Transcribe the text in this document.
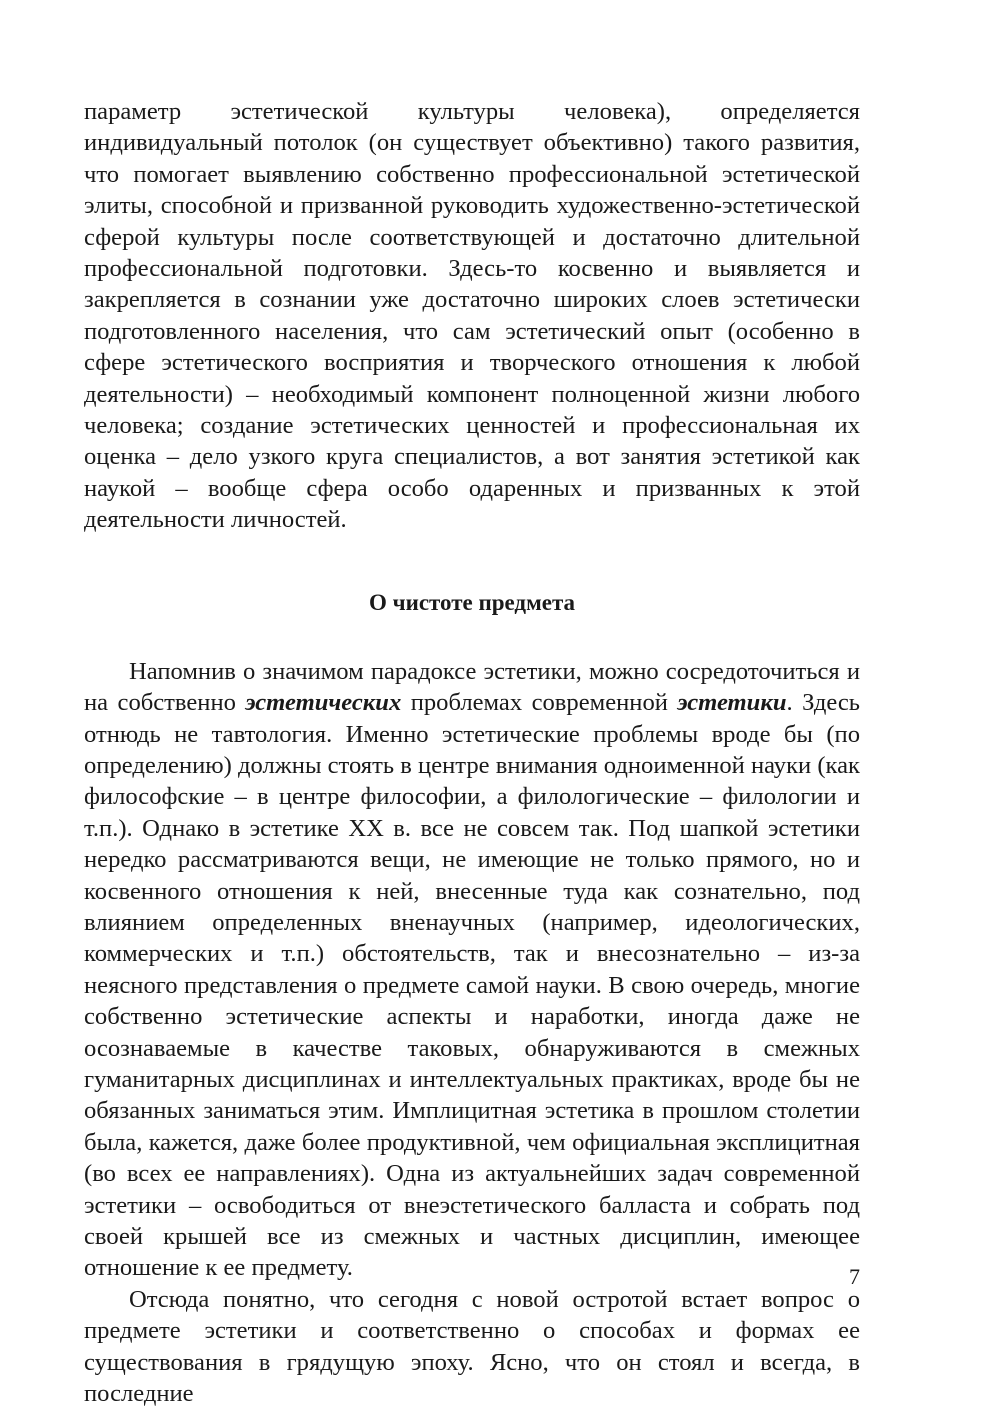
параметр эстетической культуры человека), определяется индивидуальный потолок (он существует объективно) такого развития, что помогает выявлению собственно профессиональной эстетической элиты, способной и призванной руководить художественно-эстетической сферой культуры после соответствующей и достаточно длительной профессиональной подготовки. Здесь-то косвенно и выявляется и закрепляется в сознании уже достаточно широких слоев эстетически подготовленного населения, что сам эстетический опыт (особенно в сфере эстетического восприятия и творческого отношения к любой деятельности) – необходимый компонент полноценной жизни любого человека; создание эстетических ценностей и профессиональная их оценка – дело узкого круга специалистов, а вот занятия эстетикой как наукой – вообще сфера особо одаренных и призванных к этой деятельности личностей.

О чистоте предмета

Напомнив о значимом парадоксе эстетики, можно сосредоточиться и на собственно эстетических проблемах современной эстетики. Здесь отнюдь не тавтология. Именно эстетические проблемы вроде бы (по определению) должны стоять в центре внимания одноименной науки (как философские – в центре философии, а филологические – филологии и т.п.). Однако в эстетике XX в. все не совсем так. Под шапкой эстетики нередко рассматриваются вещи, не имеющие не только прямого, но и косвенного отношения к ней, внесенные туда как сознательно, под влиянием определенных вненаучных (например, идеологических, коммерческих и т.п.) обстоятельств, так и внесознательно – из-за неясного представления о предмете самой науки. В свою очередь, многие собственно эстетические аспекты и наработки, иногда даже не осознаваемые в качестве таковых, обнаруживаются в смежных гуманитарных дисциплинах и интеллектуальных практиках, вроде бы не обязанных заниматься этим. Имплицитная эстетика в прошлом столетии была, кажется, даже более продуктивной, чем официальная эксплицитная (во всех ее направлениях). Одна из актуальнейших задач современной эстетики – освободиться от внеэстетического балласта и собрать под своей крышей все из смежных и частных дисциплин, имеющее отношение к ее предмету.

Отсюда понятно, что сегодня с новой остротой встает вопрос о предмете эстетики и соответственно о способах и формах ее существования в грядущую эпоху. Ясно, что он стоял и всегда, в последние

7
